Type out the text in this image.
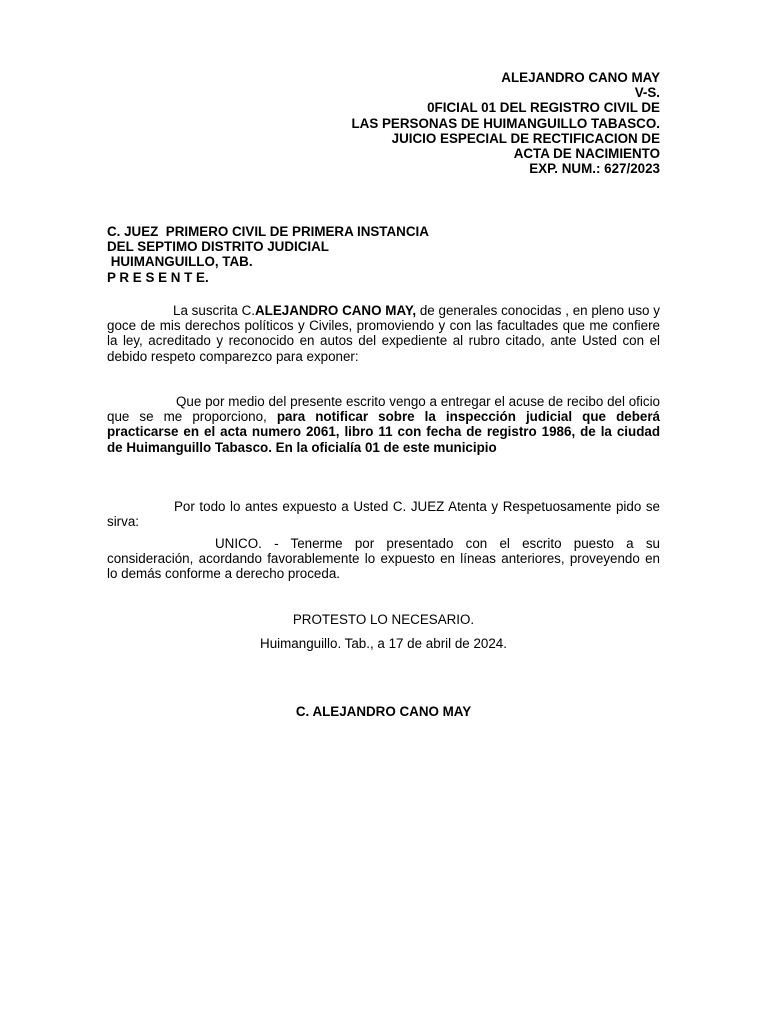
ALEJANDRO CANO MAY
V-S.
0FICIAL 01 DEL REGISTRO CIVIL DE
LAS PERSONAS DE HUIMANGUILLO TABASCO.
JUICIO ESPECIAL DE RECTIFICACION DE
ACTA DE NACIMIENTO
EXP. NUM.: 627/2023
C. JUEZ  PRIMERO CIVIL DE PRIMERA INSTANCIA
DEL SEPTIMO DISTRITO JUDICIAL
HUIMANGUILLO, TAB.
P R E S E N T E.

La suscrita C.ALEJANDRO CANO MAY, de generales conocidas , en pleno uso y goce de mis derechos políticos y Civiles, promoviendo y con las facultades que me confiere la ley, acreditado y reconocido en autos del expediente al rubro citado, ante Usted con el debido respeto comparezco para exponer:

Que por medio del presente escrito vengo a entregar el acuse de recibo del oficio que se me proporciono, para notificar sobre la inspección judicial que deberá practicarse en el acta numero 2061, libro 11 con fecha de registro 1986, de la ciudad de Huimanguillo Tabasco. En la oficialía 01 de este municipio

Por todo lo antes expuesto a Usted C. JUEZ Atenta y Respetuosamente pido se sirva:

UNICO. - Tenerme por presentado con el escrito puesto a su consideración, acordando favorablemente lo expuesto en líneas anteriores, proveyendo en lo demás conforme a derecho proceda.

PROTESTO LO NECESARIO.
Huimanguillo. Tab., a 17 de abril de 2024.
C. ALEJANDRO CANO MAY
